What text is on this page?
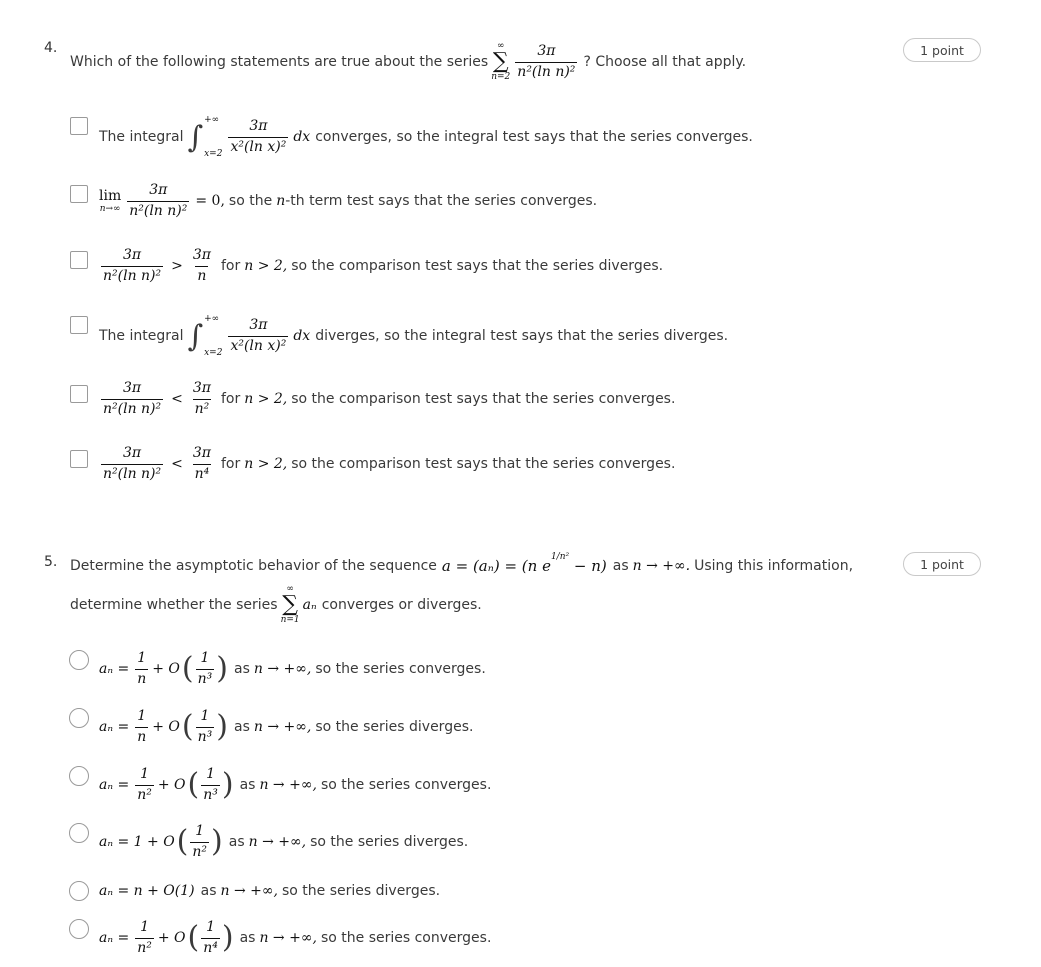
4.	1 point
Which of the following statements are true about the series
∞
∑
$n=2 \frac{3\pi}{\text{n²(ln n)²}}$ ? Choose all that apply.
The integral ∫ +∞
$x=2 \frac{3\pi}{\text{x²(ln x)²}}$ dx converges, so the integral test says that the series converges.
lim
$n\to\infty \frac{3\pi}{\text{n²(ln n)²}} = 0$, so the n -th term test says that the series converges.
$\frac{3\pi}{\text{n²(ln n)²}} > \frac{3\pi}{n}$ for n > 2, so the comparison test says that the series diverges.
The integral ∫ +∞
$x=2 \frac{3\pi}{\text{x²(ln x)²}}$ dx diverges, so the integral test says that the series diverges.
$\frac{3\pi}{\text{n²(ln n)²}} < \frac{3\pi}{\text{n²}}$ for n > 2, so the comparison test says that the series converges.
$\frac{3\pi}{\text{n²(ln n)²}} < \frac{3\pi}{\text{n⁴}}$ for n > 2, so the comparison test says that the series converges.
5.	1 point
Determine the asymptotic behavior of the sequence a = (aₙ) = (n $e^{1/n^2} - n$) as n → +∞. Using this information,
determine whether the series
∞
∑
n=1
aₙ converges or diverges.
$a_n = \frac{1}{n} + O$ ( $\frac{1}{\text{n³}}$ ) as n → +∞, so the series converges.
$a_n = \frac{1}{n} + O$ ( $\frac{1}{\text{n³}}$ ) as n → +∞, so the series diverges.
$a_n = \frac{1}{\text{n²}} + O$ ( $\frac{1}{\text{n³}}$ ) as n → +∞, so the series converges.
aₙ = 1 + O ( $\frac{1}{\text{n²}}$ ) as n → +∞, so the series diverges.
aₙ = n + O(1) as n → +∞, so the series diverges.
$a_n = \frac{1}{\text{n²}} + O$ ( $\frac{1}{\text{n⁴}}$ ) as n → +∞, so the series converges.
